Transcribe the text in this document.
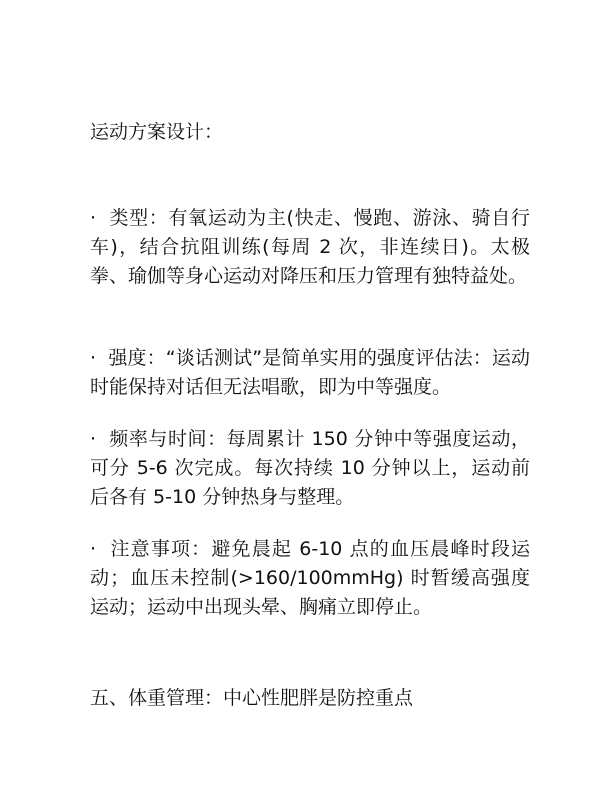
运动方案设计：

· 类型：有氧运动为主(快走、慢跑、游泳、骑自行车)，结合抗阻训练(每周 2 次，非连续日)。太极拳、瑜伽等身心运动对降压和压力管理有独特益处。

· 强度：“谈话测试”是简单实用的强度评估法：运动时能保持对话但无法唱歌，即为中等强度。

· 频率与时间：每周累计 150 分钟中等强度运动，可分 5-6 次完成。每次持续 10 分钟以上，运动前后各有 5-10 分钟热身与整理。

· 注意事项：避免晨起 6-10 点的血压晨峰时段运动；血压未控制(>160/100mmHg) 时暂缓高强度运动；运动中出现头晕、胸痛立即停止。

五、体重管理：中心性肥胖是防控重点
